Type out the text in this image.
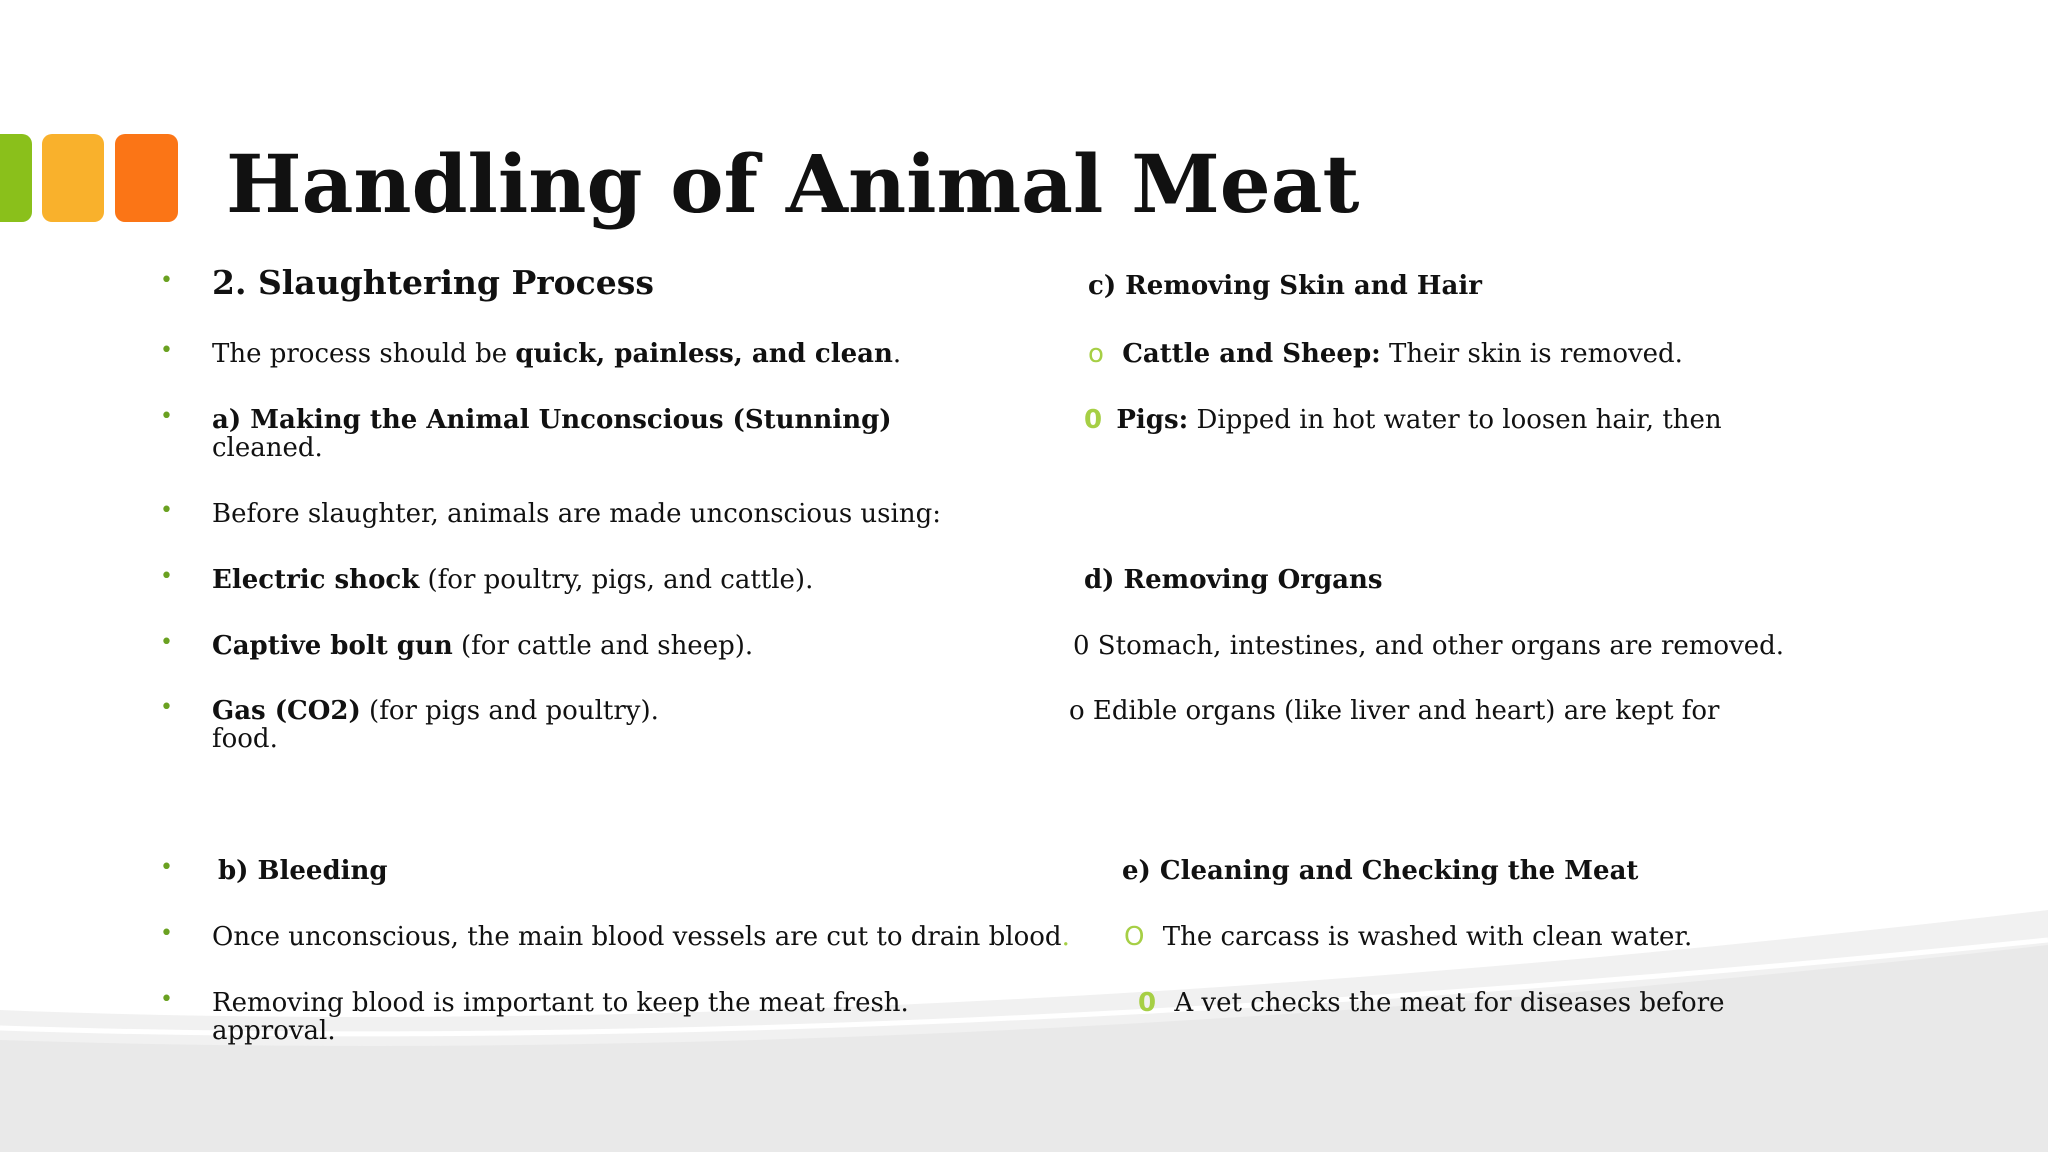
Handling of Animal Meat
• 2. Slaughtering Process
• The process should be quick, painless, and clean.
• a) Making the Animal Unconscious (Stunning)
cleaned.
• Before slaughter, animals are made unconscious using:
• Electric shock (for poultry, pigs, and cattle).
• Captive bolt gun (for cattle and sheep).
• Gas (CO2) (for pigs and poultry).
food.
• b) Bleeding
• Once unconscious, the main blood vessels are cut to drain blood.
• Removing blood is important to keep the meat fresh.
approval.
c) Removing Skin and Hair
o Cattle and Sheep: Their skin is removed.
0 Pigs: Dipped in hot water to loosen hair, then
d) Removing Organs
0 Stomach, intestines, and other organs are removed.
o Edible organs (like liver and heart) are kept for
e) Cleaning and Checking the Meat
O The carcass is washed with clean water.
0 A vet checks the meat for diseases before
